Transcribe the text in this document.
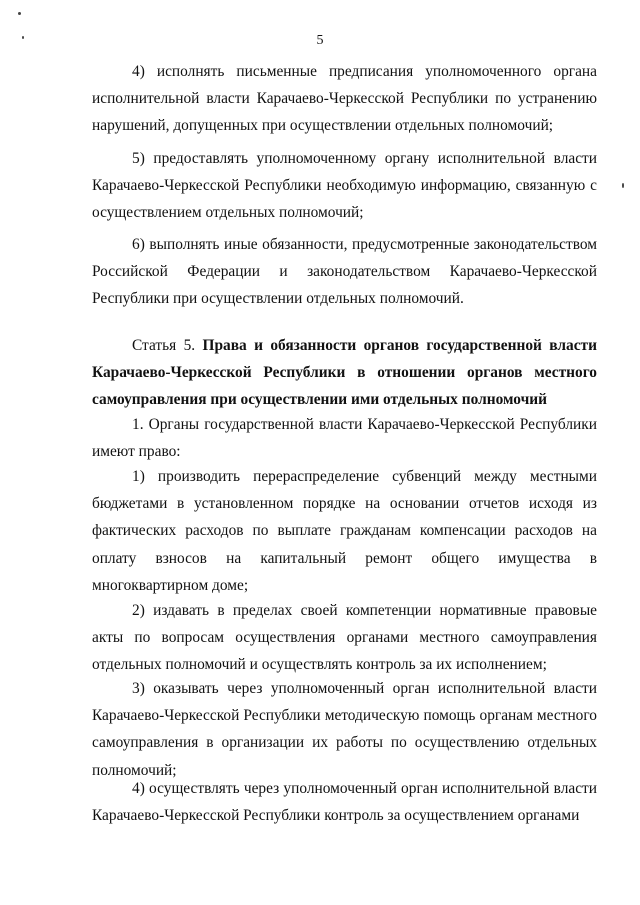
5

4) исполнять письменные предписания уполномоченного органа исполнительной власти Карачаево-Черкесской Республики по устранению нарушений, допущенных при осуществлении отдельных полномочий;

5) предоставлять уполномоченному органу исполнительной власти Карачаево-Черкесской Республики необходимую информацию, связанную с осуществлением отдельных полномочий;

6) выполнять иные обязанности, предусмотренные законодательством Российской Федерации и законодательством Карачаево-Черкесской Республики при осуществлении отдельных полномочий.

Статья 5. Права и обязанности органов государственной власти Карачаево-Черкесской Республики в отношении органов местного самоуправления при осуществлении ими отдельных полномочий

1. Органы государственной власти Карачаево-Черкесской Республики имеют право:

1) производить перераспределение субвенций между местными бюджетами в установленном порядке на основании отчетов исходя из фактических расходов по выплате гражданам компенсации расходов на оплату взносов на капитальный ремонт общего имущества в многоквартирном доме;

2) издавать в пределах своей компетенции нормативные правовые акты по вопросам осуществления органами местного самоуправления отдельных полномочий и осуществлять контроль за их исполнением;

3) оказывать через уполномоченный орган исполнительной власти Карачаево-Черкесской Республики методическую помощь органам местного самоуправления в организации их работы по осуществлению отдельных полномочий;

4) осуществлять через уполномоченный орган исполнительной власти Карачаево-Черкесской Республики контроль за осуществлением органами
